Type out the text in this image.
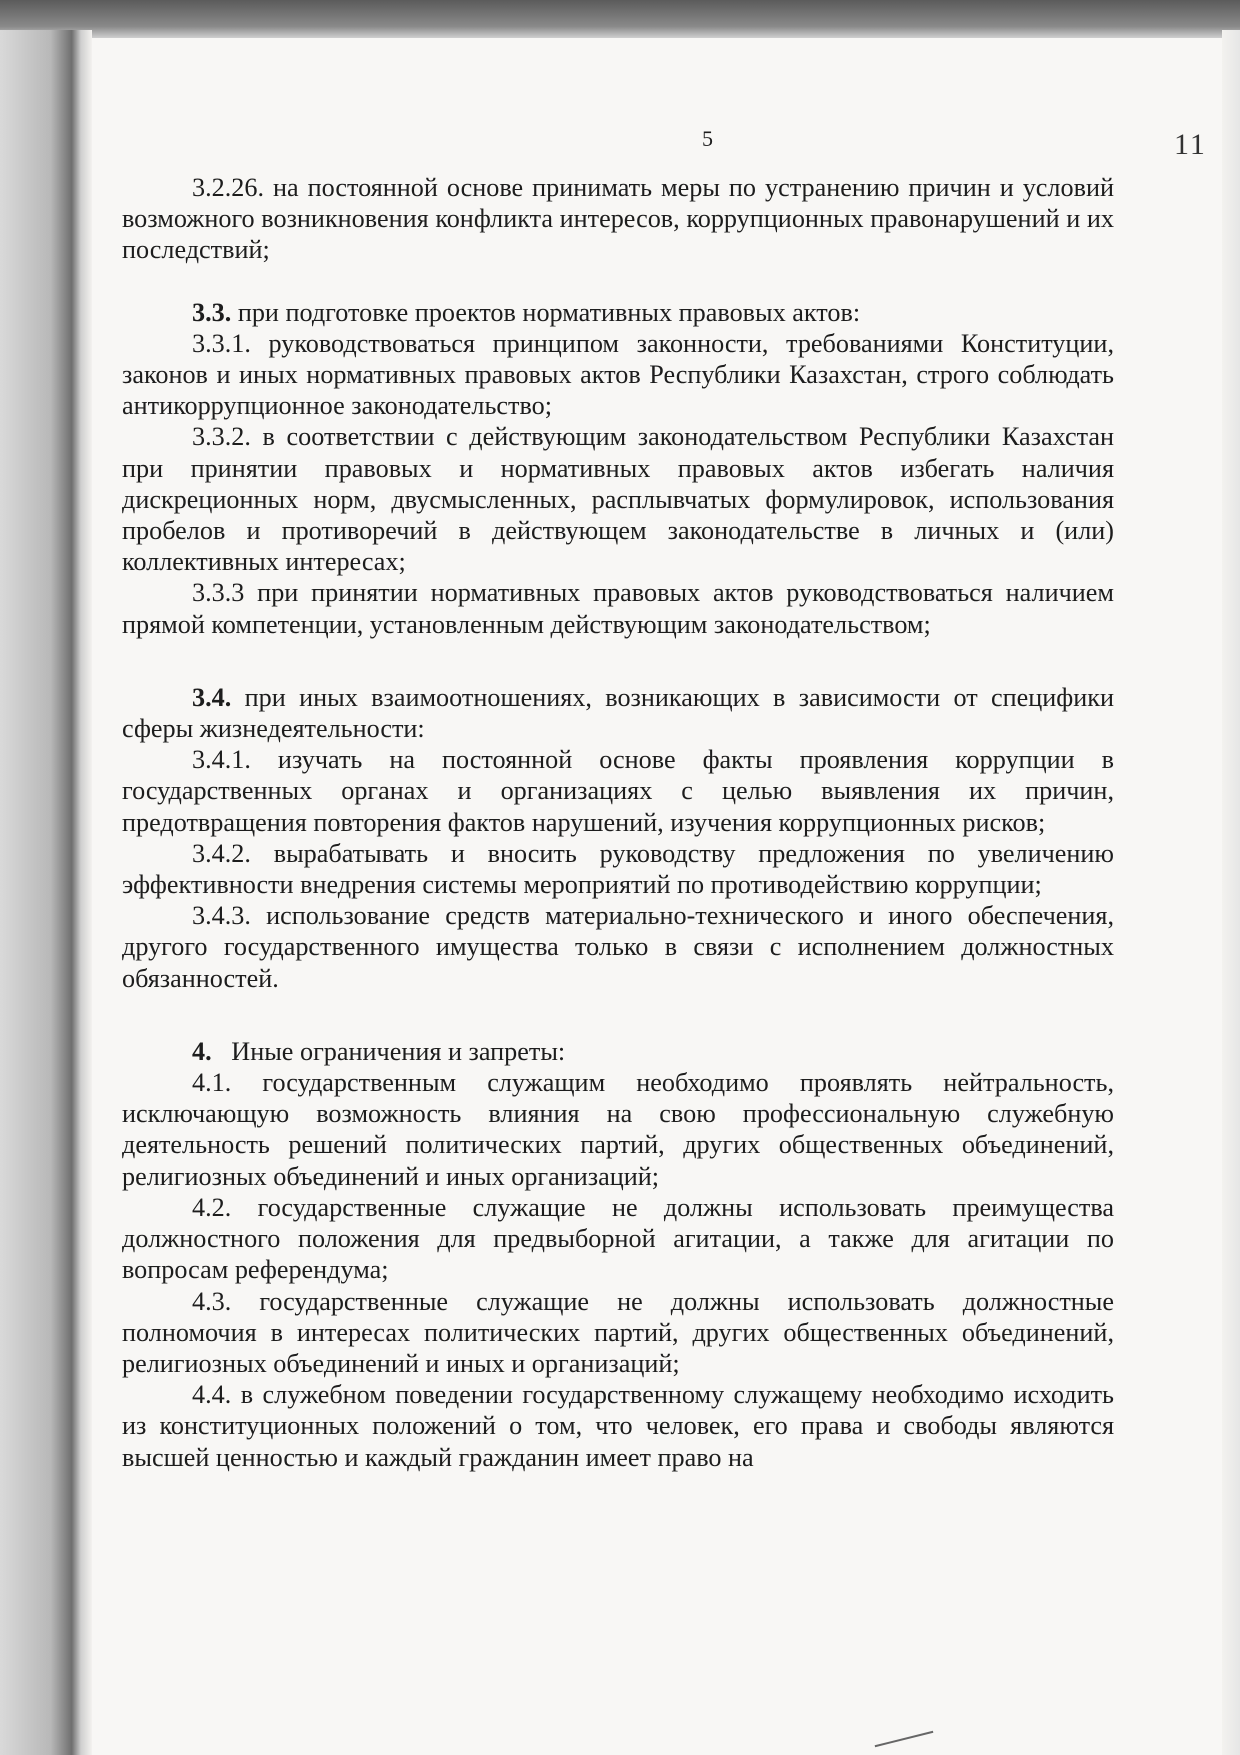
5	11

3.2.26. на постоянной основе принимать меры по устранению причин и условий возможного возникновения конфликта интересов, коррупционных правонарушений и их последствий;

3.3. при подготовке проектов нормативных правовых актов:

3.3.1. руководствоваться принципом законности, требованиями Конституции, законов и иных нормативных правовых актов Республики Казахстан, строго соблюдать антикоррупционное законодательство;

3.3.2. в соответствии с действующим законодательством Республики Казахстан при принятии правовых и нормативных правовых актов избегать наличия дискреционных норм, двусмысленных, расплывчатых формулировок, использования пробелов и противоречий в действующем законодательстве в личных и (или) коллективных интересах;

3.3.3 при принятии нормативных правовых актов руководствоваться наличием прямой компетенции, установленным действующим законодательством;

3.4. при иных взаимоотношениях, возникающих в зависимости от специфики сферы жизнедеятельности:

3.4.1. изучать на постоянной основе факты проявления коррупции в государственных органах и организациях с целью выявления их причин, предотвращения повторения фактов нарушений, изучения коррупционных рисков;

3.4.2. вырабатывать и вносить руководству предложения по увеличению эффективности внедрения системы мероприятий по противодействию коррупции;

3.4.3. использование средств материально-технического и иного обеспечения, другого государственного имущества только в связи с исполнением должностных обязанностей.

4. Иные ограничения и запреты:

4.1. государственным служащим необходимо проявлять нейтральность, исключающую возможность влияния на свою профессиональную служебную деятельность решений политических партий, других общественных объединений, религиозных объединений и иных организаций;

4.2. государственные служащие не должны использовать преимущества должностного положения для предвыборной агитации, а также для агитации по вопросам референдума;

4.3. государственные служащие не должны использовать должностные полномочия в интересах политических партий, других общественных объединений, религиозных объединений и иных и организаций;

4.4. в служебном поведении государственному служащему необходимо исходить из конституционных положений о том, что человек, его права и свободы являются высшей ценностью и каждый гражданин имеет право на
